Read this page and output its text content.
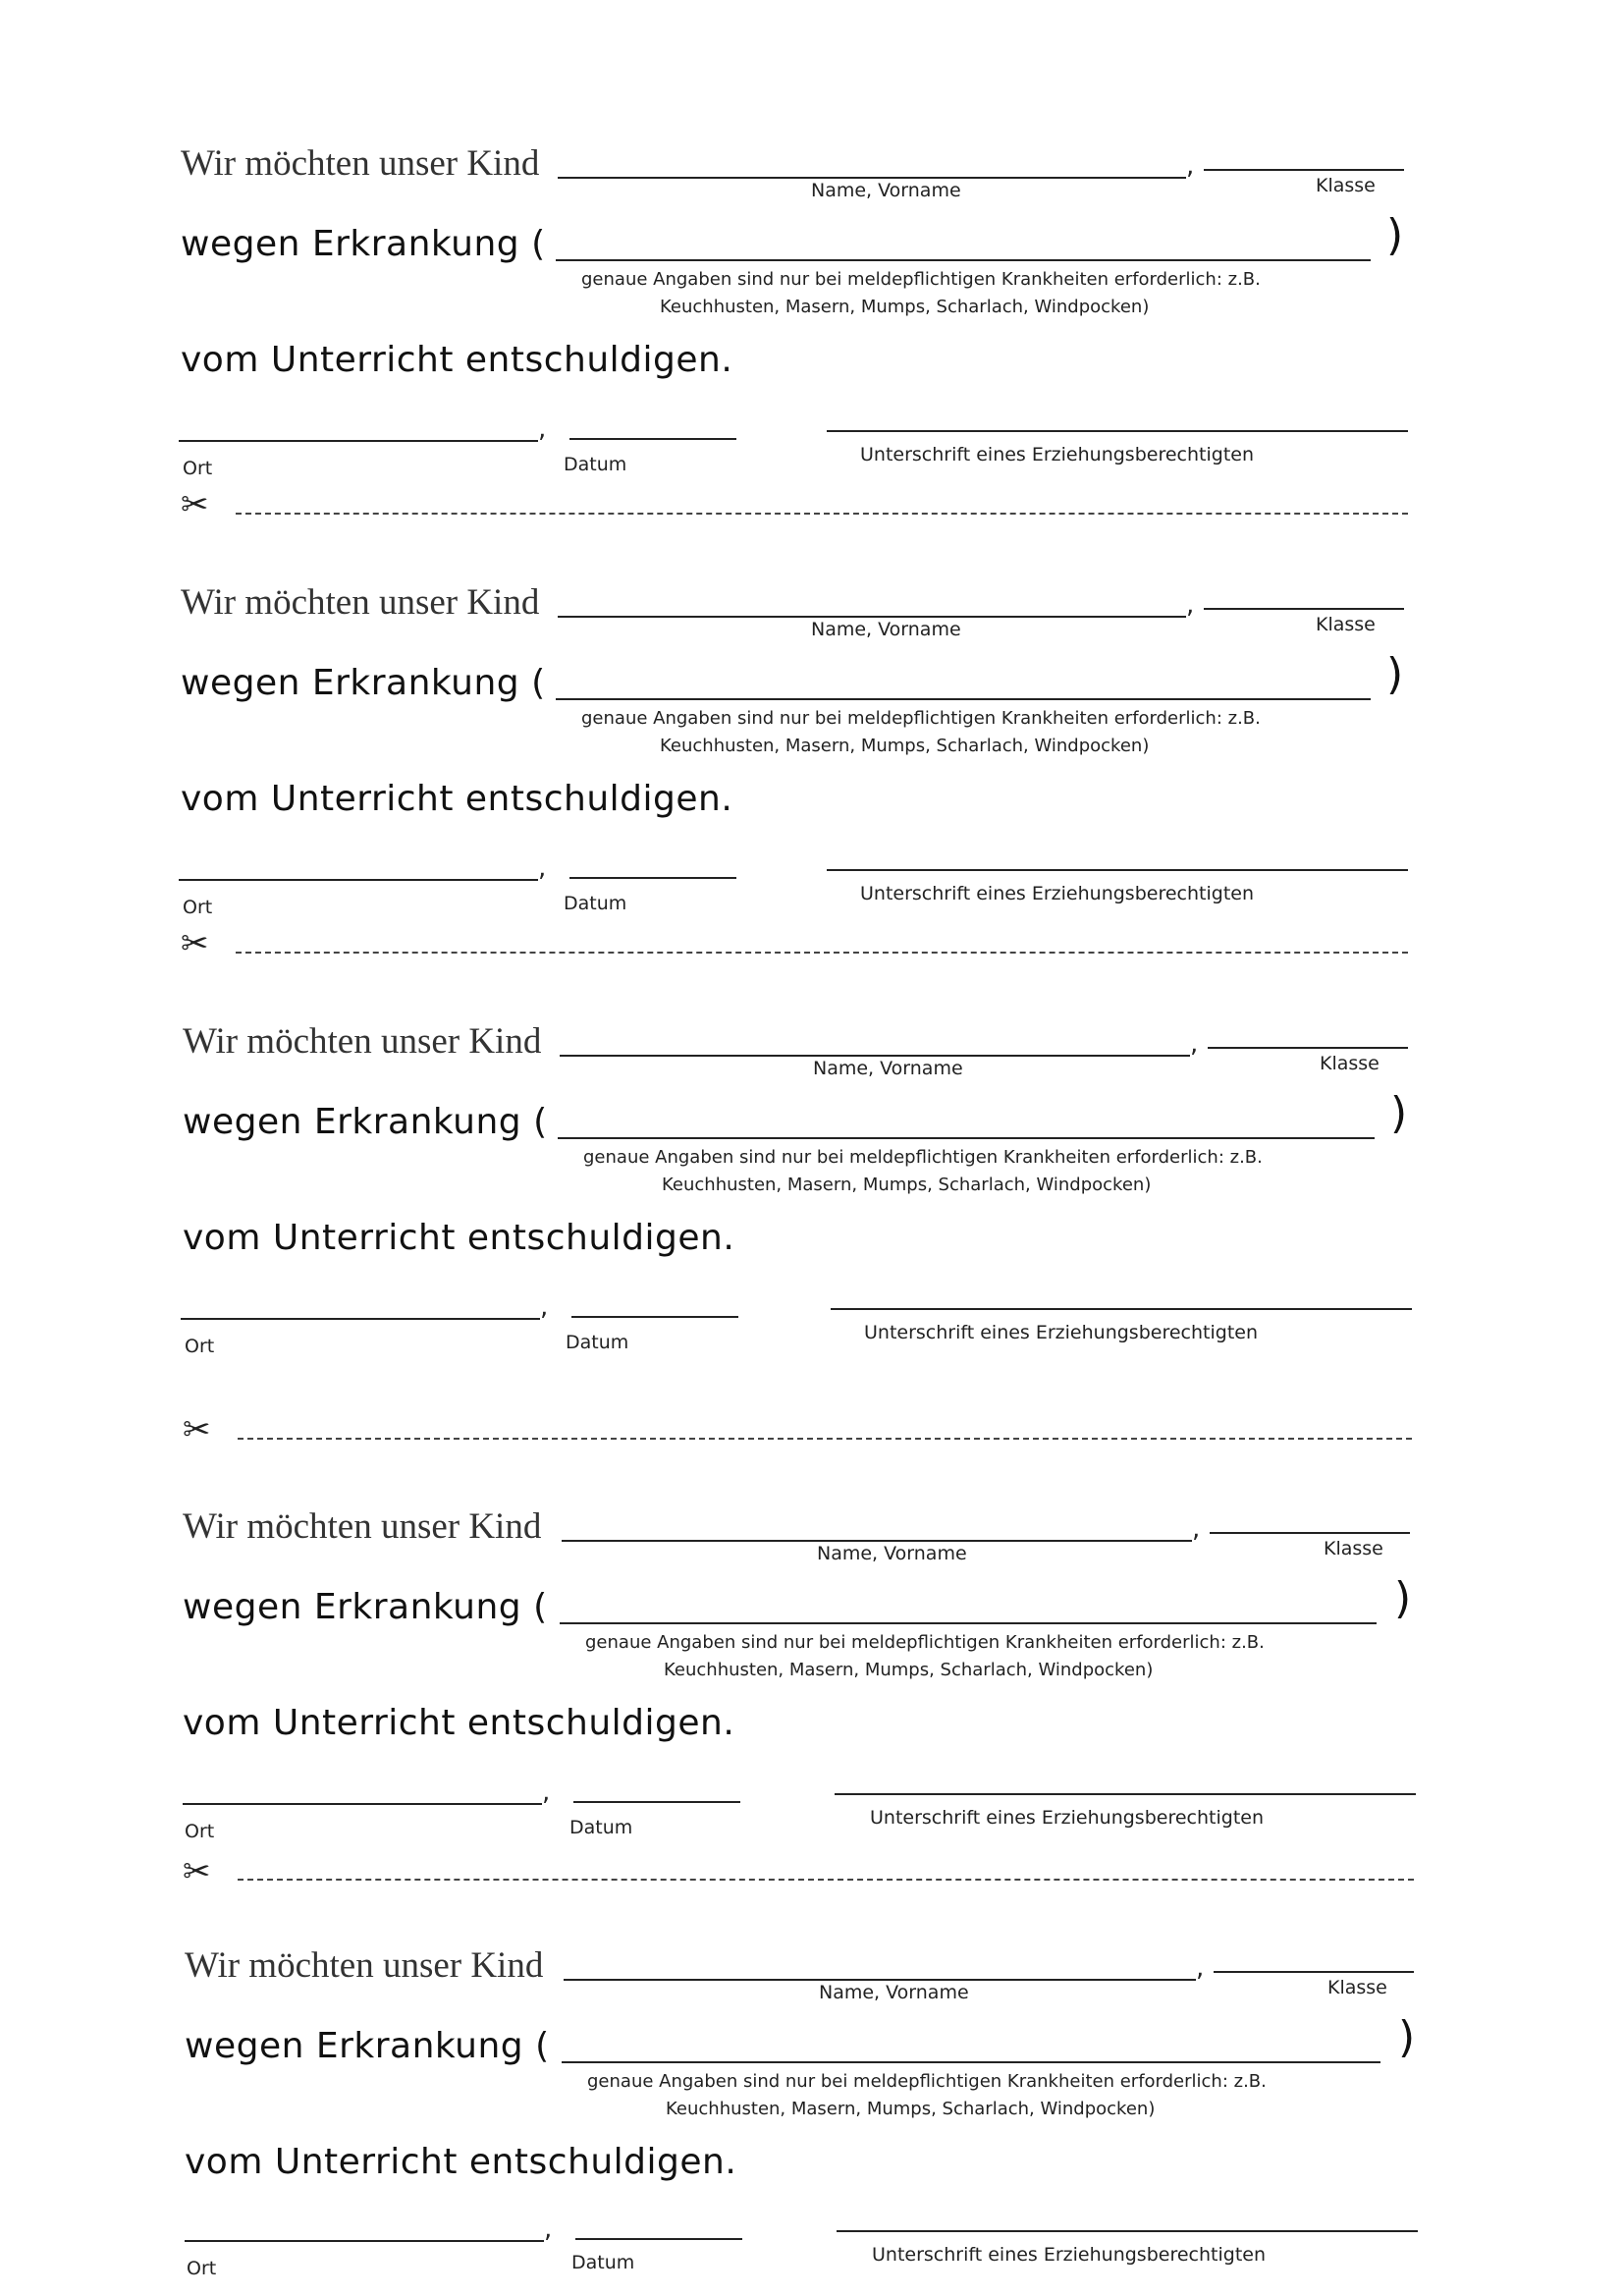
Wir möchten unser Kind	,
Name, Vorname	Klasse
wegen Erkrankung (	)
genaue Angaben sind nur bei meldepflichtigen Krankheiten erforderlich: z.B.
Keuchhusten, Masern, Mumps, Scharlach, Windpocken)
vom Unterricht entschuldigen.
,
Ort	Datum	Unterschrift eines Erziehungsberechtigten
✂
Wir möchten unser Kind	,
Name, Vorname	Klasse
wegen Erkrankung (	)
genaue Angaben sind nur bei meldepflichtigen Krankheiten erforderlich: z.B.
Keuchhusten, Masern, Mumps, Scharlach, Windpocken)
vom Unterricht entschuldigen.
,
Ort	Datum	Unterschrift eines Erziehungsberechtigten
✂
Wir möchten unser Kind	,
Name, Vorname	Klasse
wegen Erkrankung (	)
genaue Angaben sind nur bei meldepflichtigen Krankheiten erforderlich: z.B.
Keuchhusten, Masern, Mumps, Scharlach, Windpocken)
vom Unterricht entschuldigen.
,
Ort	Datum	Unterschrift eines Erziehungsberechtigten
✂
Wir möchten unser Kind	,
Name, Vorname	Klasse
wegen Erkrankung (	)
genaue Angaben sind nur bei meldepflichtigen Krankheiten erforderlich: z.B.
Keuchhusten, Masern, Mumps, Scharlach, Windpocken)
vom Unterricht entschuldigen.
,
Ort	Datum	Unterschrift eines Erziehungsberechtigten
✂
Wir möchten unser Kind	,
Name, Vorname	Klasse
wegen Erkrankung (	)
genaue Angaben sind nur bei meldepflichtigen Krankheiten erforderlich: z.B.
Keuchhusten, Masern, Mumps, Scharlach, Windpocken)
vom Unterricht entschuldigen.
,
Ort	Datum	Unterschrift eines Erziehungsberechtigten
